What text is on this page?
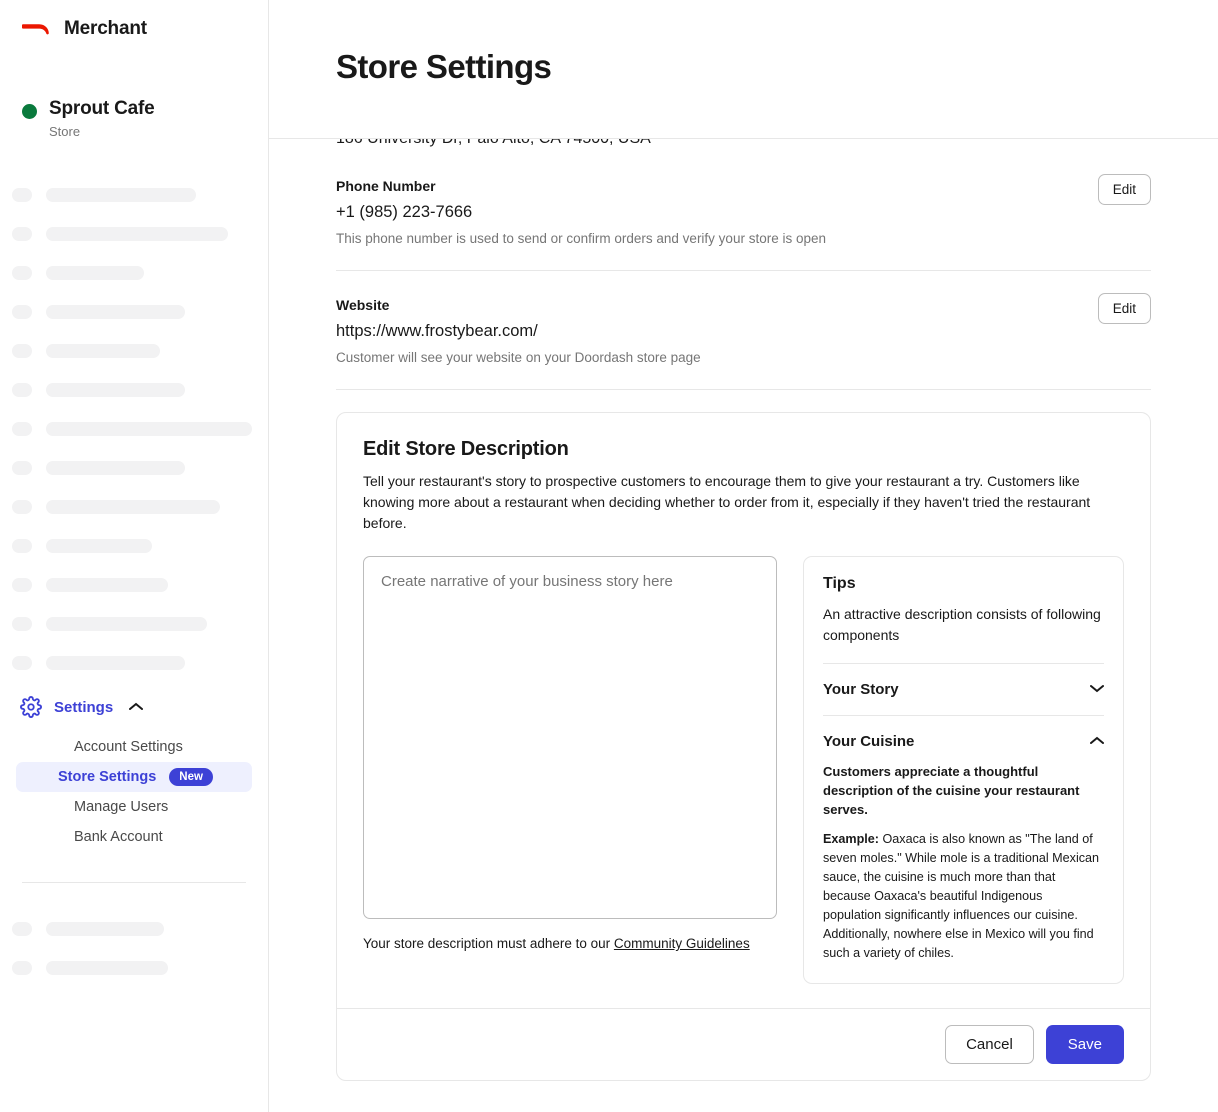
Merchant
Sprout Cafe
Store
Settings
Account Settings
Store Settings	New
Manage Users
Bank Account
Store Settings
Phone Number
+1 (985) 223-7666
This phone number is used to send or confirm orders and verify your store is open
Edit
Website
https://www.frostybear.com/
Customer will see your website on your Doordash store page
Edit
Edit Store Description
Tell your restaurant's story to prospective customers to encourage them to give your restaurant a try. Customers like knowing more about a restaurant when deciding whether to order from it, especially if they haven't tried the restaurant before.
Create narrative of your business story here
Your store description must adhere to our Community Guidelines
Tips
An attractive description consists of following components
Your Story
Your Cuisine
Customers appreciate a thoughtful description of the cuisine your restaurant serves.
Example: Oaxaca is also known as "The land of seven moles." While mole is a traditional Mexican sauce, the cuisine is much more than that because Oaxaca's beautiful Indigenous population significantly influences our cuisine. Additionally, nowhere else in Mexico will you find such a variety of chiles.
Cancel	Save
